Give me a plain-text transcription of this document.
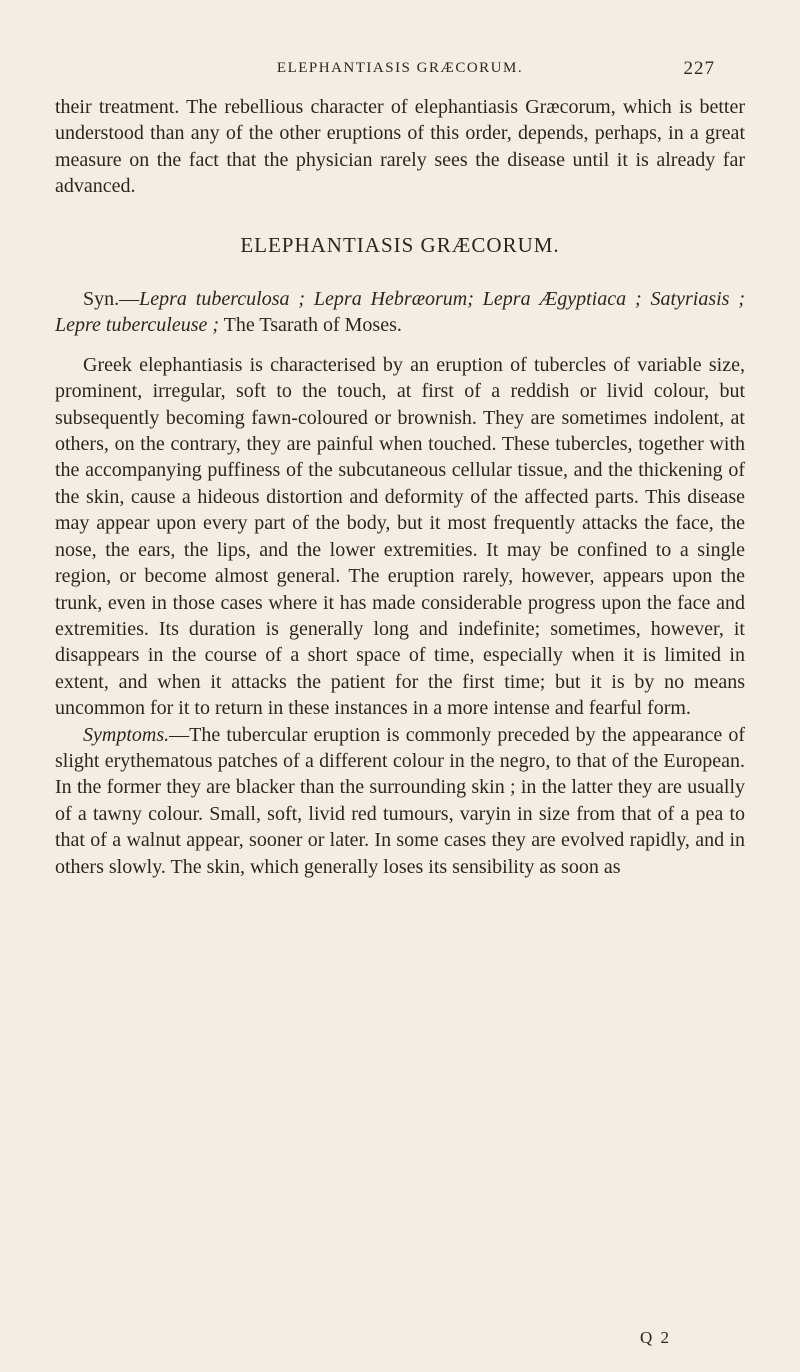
ELEPHANTIASIS GRÆCORUM.	227

their treatment. The rebellious character of elephantiasis Græcorum, which is better understood than any of the other eruptions of this order, depends, perhaps, in a great measure on the fact that the physician rarely sees the disease until it is already far advanced.

ELEPHANTIASIS GRÆCORUM.

Syn.—Lepra tuberculosa ; Lepra Hebræorum; Lepra Ægyptiaca ; Satyriasis ; Lepre tuberculeuse ; The Tsarath of Moses.

Greek elephantiasis is characterised by an eruption of tubercles of variable size, prominent, irregular, soft to the touch, at first of a reddish or livid colour, but subsequently becoming fawn-coloured or brownish. They are sometimes indolent, at others, on the contrary, they are painful when touched. These tubercles, together with the accompanying puffiness of the subcutaneous cellular tissue, and the thickening of the skin, cause a hideous distortion and deformity of the affected parts. This disease may appear upon every part of the body, but it most frequently attacks the face, the nose, the ears, the lips, and the lower extremities. It may be confined to a single region, or become almost general. The eruption rarely, however, appears upon the trunk, even in those cases where it has made considerable progress upon the face and extremities. Its duration is generally long and indefinite; sometimes, however, it disappears in the course of a short space of time, especially when it is limited in extent, and when it attacks the patient for the first time; but it is by no means uncommon for it to return in these instances in a more intense and fearful form.

Symptoms.—The tubercular eruption is commonly preceded by the appearance of slight erythematous patches of a different colour in the negro, to that of the European. In the former they are blacker than the surrounding skin ; in the latter they are usually of a tawny colour. Small, soft, livid red tumours, varyin in size from that of a pea to that of a walnut appear, sooner or later. In some cases they are evolved rapidly, and in others slowly. The skin, which generally loses its sensibility as soon as

Q 2
